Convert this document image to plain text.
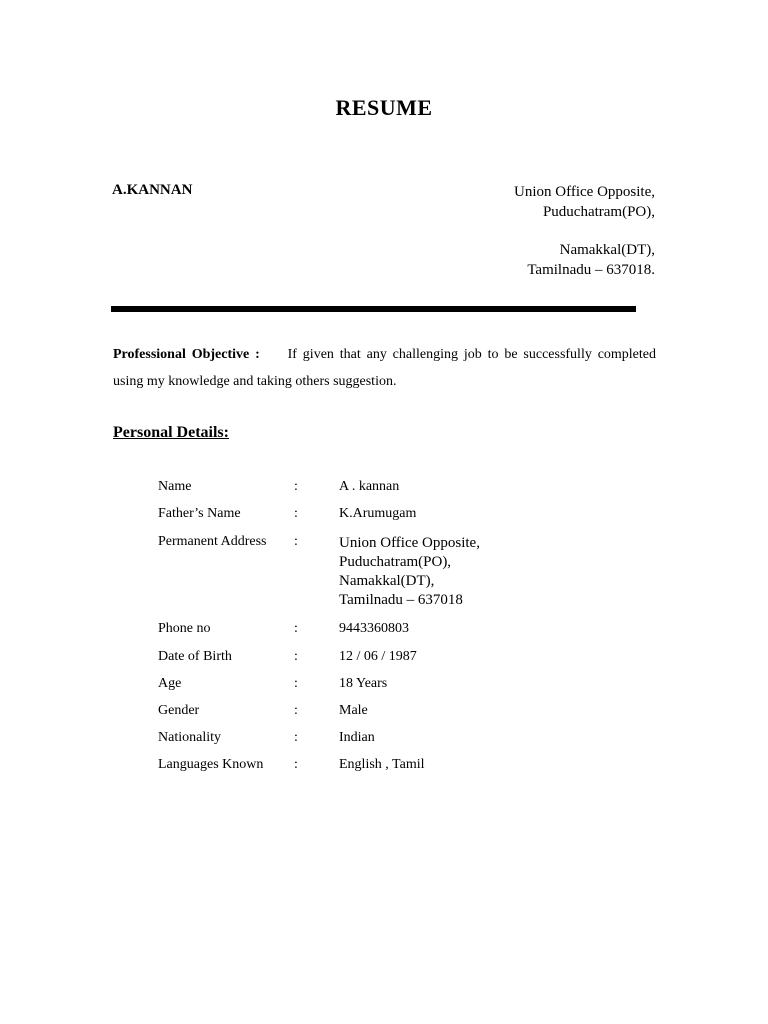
RESUME
A.KANNAN	Union Office Opposite,
Puduchatram(PO),
Namakkal(DT),
Tamilnadu – 637018.
Professional Objective : If given that any challenging job to be successfully completed using my knowledge and taking others suggestion.
Personal Details:
Name	:	A . kannan
Father’s Name	:	K.Arumugam
Permanent Address	:	Union Office Opposite,
Puduchatram(PO),
Namakkal(DT),
Tamilnadu – 637018
Phone no	:	9443360803
Date of Birth	:	12 / 06 / 1987
Age	:	18 Years
Gender	:	Male
Nationality	:	Indian
Languages Known	:	English , Tamil
